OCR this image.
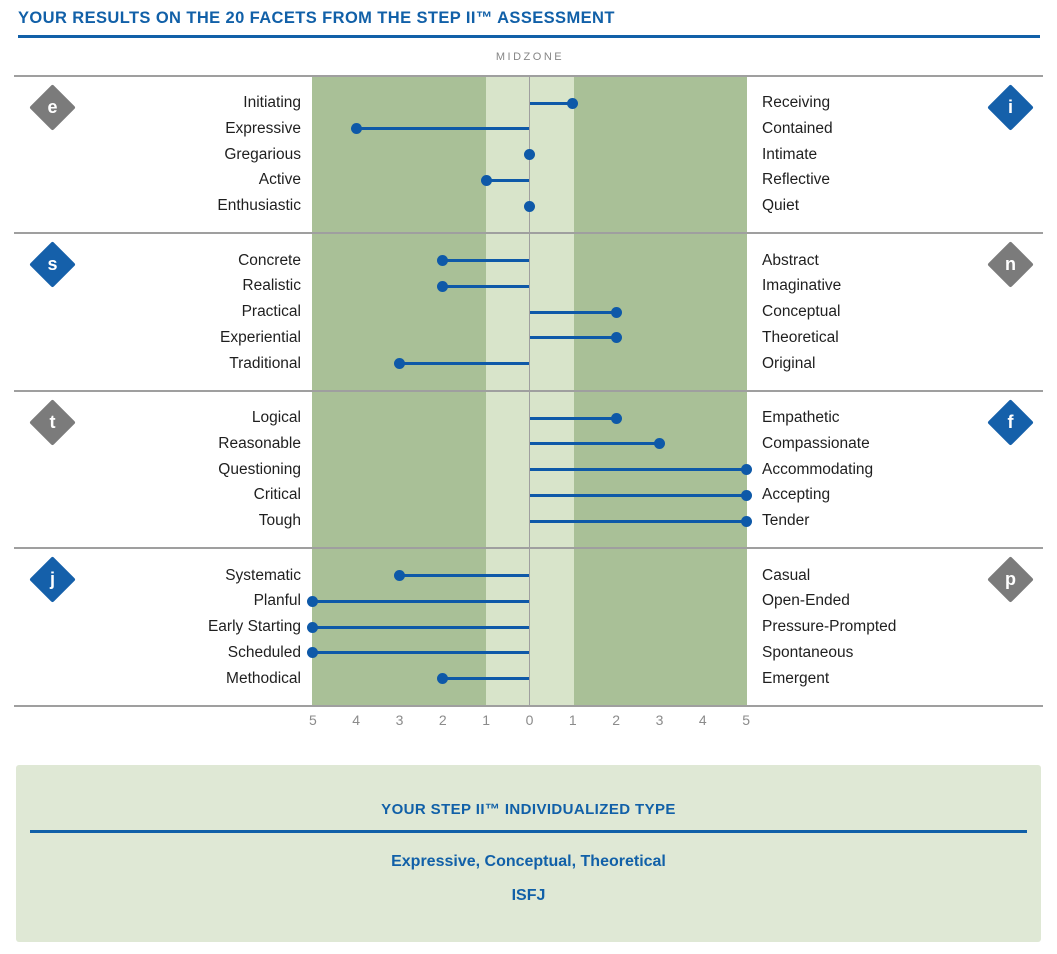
YOUR RESULTS ON THE 20 FACETS FROM THE STEP II™ ASSESSMENT
MIDZONE
e	i
Initiating	Receiving
Expressive	Contained
Gregarious	Intimate
Active	Reflective
Enthusiastic	Quiet
s	n
Concrete	Abstract
Realistic	Imaginative
Practical	Conceptual
Experiential	Theoretical
Traditional	Original
t	f
Logical	Empathetic
Reasonable	Compassionate
Questioning	Accommodating
Critical	Accepting
Tough	Tender
j	p
Systematic	Casual
Planful	Open-Ended
Early Starting	Pressure-Prompted
Scheduled	Spontaneous
Methodical	Emergent
5	4	3	2	1	0	1	2	3	4	5
YOUR STEP II™ INDIVIDUALIZED TYPE
Expressive, Conceptual, Theoretical
ISFJ
